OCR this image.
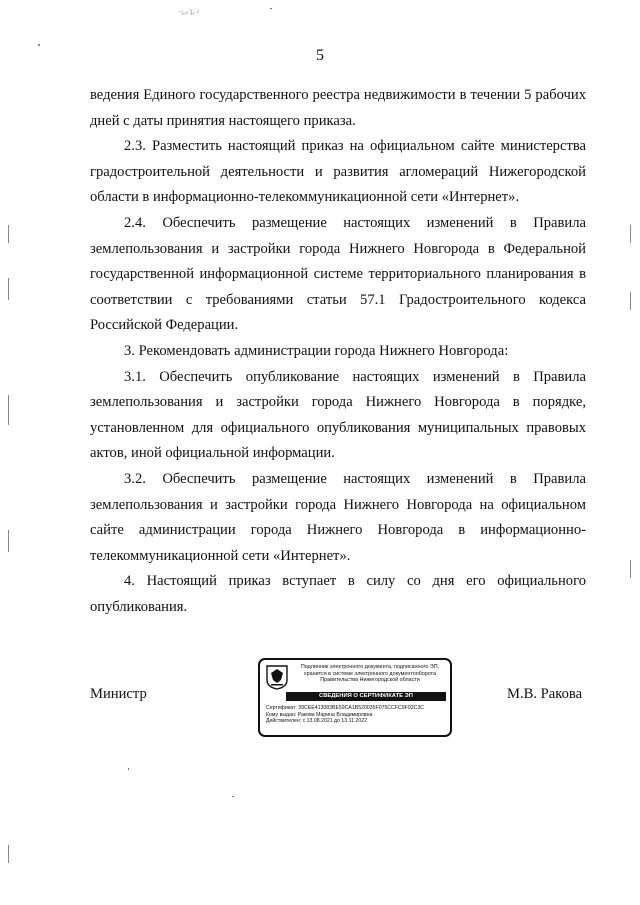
5
·ъ»Ъ ²

ведения Единого государственного реестра недвижимости в течении 5 рабочих дней с даты принятия настоящего приказа.

2.3. Разместить настоящий приказ на официальном сайте министерства градостроительной деятельности и развития агломераций Нижегородской области в информационно-телекоммуникационной сети «Интернет».

2.4. Обеспечить размещение настоящих изменений в Правила землепользования и застройки города Нижнего Новгорода в Федеральной государственной информационной системе территориального планирования в соответствии с требованиями статьи 57.1 Градостроительного кодекса Российской Федерации.

3. Рекомендовать администрации города Нижнего Новгорода:

3.1. Обеспечить опубликование настоящих изменений в Правила землепользования и застройки города Нижнего Новгорода в порядке, установленном для официального опубликования муниципальных правовых актов, иной официальной информации.

3.2. Обеспечить размещение настоящих изменений в Правила землепользования и застройки города Нижнего Новгорода на официальном сайте администрации города Нижнего Новгорода в информационно-телекоммуникационной сети «Интернет».

4. Настоящий приказ вступает в силу со дня его официального опубликования.

Министр
Подлинник электронного документа, подписанного ЭП, хранится в системе электронного документооборота Правительства Нижегородской области
СВЕДЕНИЯ О СЕРТИФИКАТЕ ЭП
Сертификат: 39CEE413083BE59CA1B520035F075CCFC9F92C3C
Кому выдан: Ракова Марина Владимировна
Действителен: с 13.08.2021 до 13.11.2022
М.В. Ракова
